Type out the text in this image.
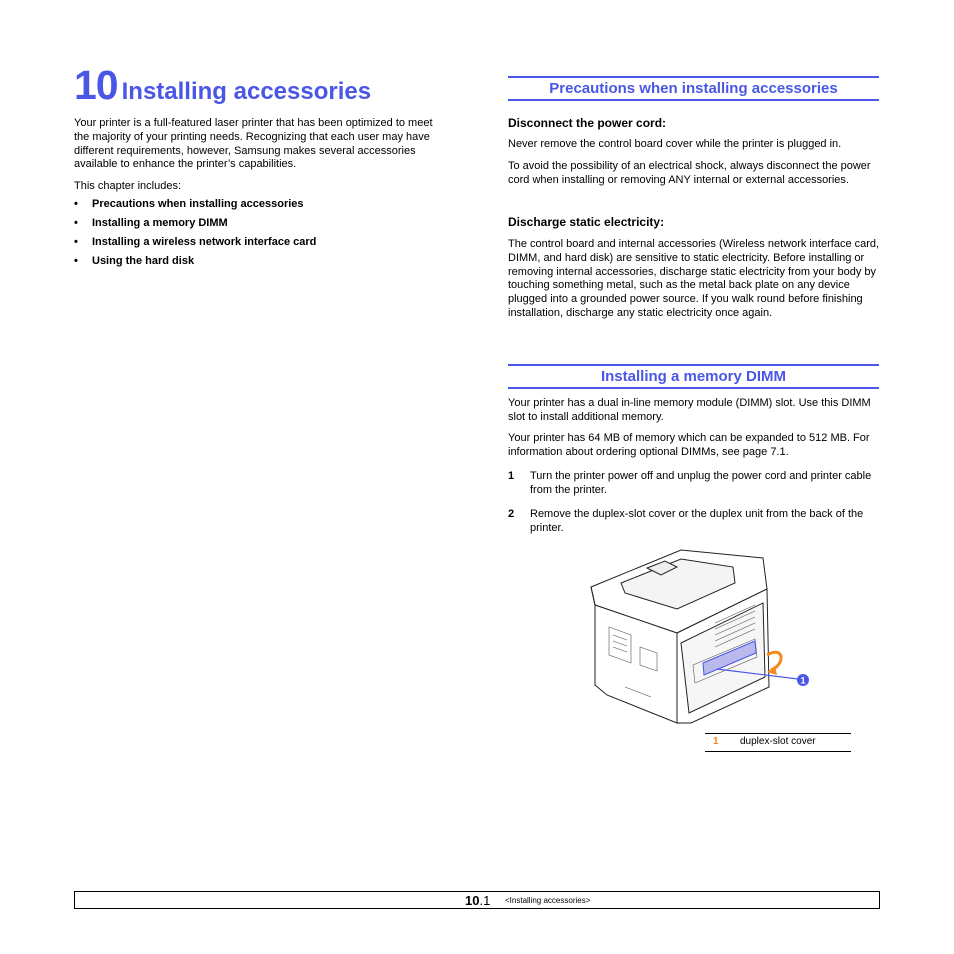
10 Installing accessories

Your printer is a full-featured laser printer that has been optimized to meet the majority of your printing needs. Recognizing that each user may have different requirements, however, Samsung makes several accessories available to enhance the printer’s capabilities.

This chapter includes:

• Precautions when installing accessories
• Installing a memory DIMM
• Installing a wireless network interface card
• Using the hard disk
Precautions when installing accessories
Disconnect the power cord:

Never remove the control board cover while the printer is plugged in.

To avoid the possibility of an electrical shock, always disconnect the power cord when installing or removing ANY internal or external accessories.

Discharge static electricity:

The control board and internal accessories (Wireless network interface card, DIMM, and hard disk) are sensitive to static electricity. Before installing or removing internal accessories, discharge static electricity from your body by touching something metal, such as the metal back plate on any device plugged into a grounded power source. If you walk round before finishing installation, discharge any static electricity once again.

Installing a memory DIMM

Your printer has a dual in-line memory module (DIMM) slot. Use this DIMM slot to install additional memory.

Your printer has 64 MB of memory which can be expanded to 512 MB. For information about ordering optional DIMMs, see page 7.1.

1 Turn the printer power off and unplug the power cord and printer cable from the printer.
2 Remove the duplex-slot cover or the duplex unit from the back of the printer.
1
1 duplex-slot cover
10.1 <Installing accessories>
